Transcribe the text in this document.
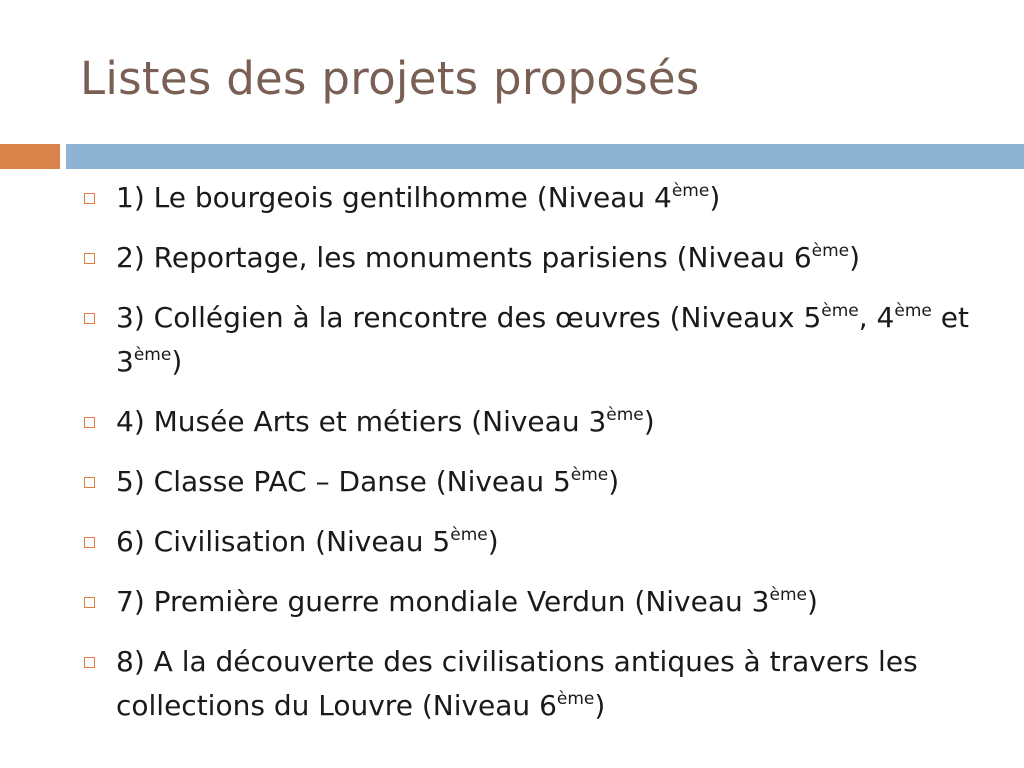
Listes des projets proposés
1) Le bourgeois gentilhomme (Niveau 4ème)
2) Reportage, les monuments parisiens (Niveau 6ème)
3) Collégien à la rencontre des œuvres (Niveaux 5ème, 4ème et 3ème)
4) Musée Arts et métiers (Niveau 3ème)
5) Classe PAC – Danse (Niveau 5ème)
6) Civilisation (Niveau 5ème)
7) Première guerre mondiale Verdun (Niveau 3ème)
8) A la découverte des civilisations antiques à travers les collections du Louvre (Niveau 6ème)
